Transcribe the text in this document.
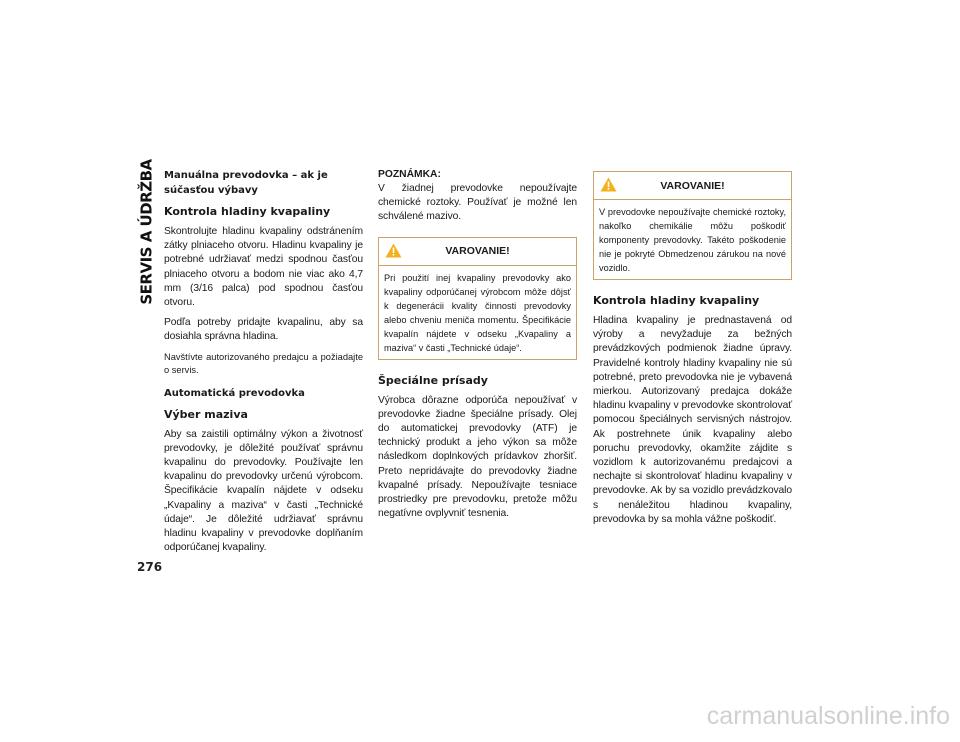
SERVIS A ÚDRŽBA
276
Manuálna prevodovka – ak je súčasťou výbavy
Kontrola hladiny kvapaliny

Skontrolujte hladinu kvapaliny odstránením zátky plniaceho otvoru. Hladinu kvapaliny je potrebné udržiavať medzi spodnou časťou plniaceho otvoru a bodom nie viac ako 4,7 mm (3/16 palca) pod spodnou časťou otvoru.

Podľa potreby pridajte kvapalinu, aby sa dosiahla správna hladina.

Navštívte autorizovaného predajcu a požiadajte o servis.

Automatická prevodovka
Výber maziva

Aby sa zaistili optimálny výkon a životnosť prevodovky, je dôležité používať správnu kvapalinu do prevodovky. Používajte len kvapalinu do prevodovky určenú výrobcom. Špecifikácie kvapalín nájdete v odseku „Kvapaliny a maziva“ v časti „Technické údaje“. Je dôležité udržiavať správnu hladinu kvapaliny v prevodovke doplňaním odporúčanej kvapaliny.

POZNÁMKA:

V žiadnej prevodovke nepoužívajte chemické roztoky. Používať je možné len schválené mazivo.

VAROVANIE!
Pri použití inej kvapaliny prevodovky ako kvapaliny odporúčanej výrobcom môže dôjsť k degenerácii kvality činnosti prevodovky alebo chveniu meniča momentu. Špecifikácie kvapalín nájdete v odseku „Kvapaliny a maziva“ v časti „Technické údaje“.
Špeciálne prísady

Výrobca dôrazne odporúča nepoužívať v prevodovke žiadne špeciálne prísady. Olej do automatickej prevodovky (ATF) je technický produkt a jeho výkon sa môže následkom doplnkových prídavkov zhoršiť. Preto nepridávajte do prevodovky žiadne kvapalné prísady. Nepoužívajte tesniace prostriedky pre prevodovku, pretože môžu negatívne ovplyvniť tesnenia.

VAROVANIE!
V prevodovke nepoužívajte chemické roztoky, nakoľko chemikálie môžu poškodiť komponenty prevodovky. Takéto poškodenie nie je pokryté Obmedzenou zárukou na nové vozidlo.
Kontrola hladiny kvapaliny

Hladina kvapaliny je prednastavená od výroby a nevyžaduje za bežných prevádzkových podmienok žiadne úpravy. Pravidelné kontroly hladiny kvapaliny nie sú potrebné, preto prevodovka nie je vybavená mierkou. Autorizovaný predajca dokáže hladinu kvapaliny v prevodovke skontrolovať pomocou špeciálnych servisných nástrojov. Ak postrehnete únik kvapaliny alebo poruchu prevodovky, okamžite zájdite s vozidlom k autorizovanému predajcovi a nechajte si skontrolovať hladinu kvapaliny v prevodovke. Ak by sa vozidlo prevádzkovalo s nenáležitou hladinou kvapaliny, prevodovka by sa mohla vážne poškodiť.

carmanualsonline.info
